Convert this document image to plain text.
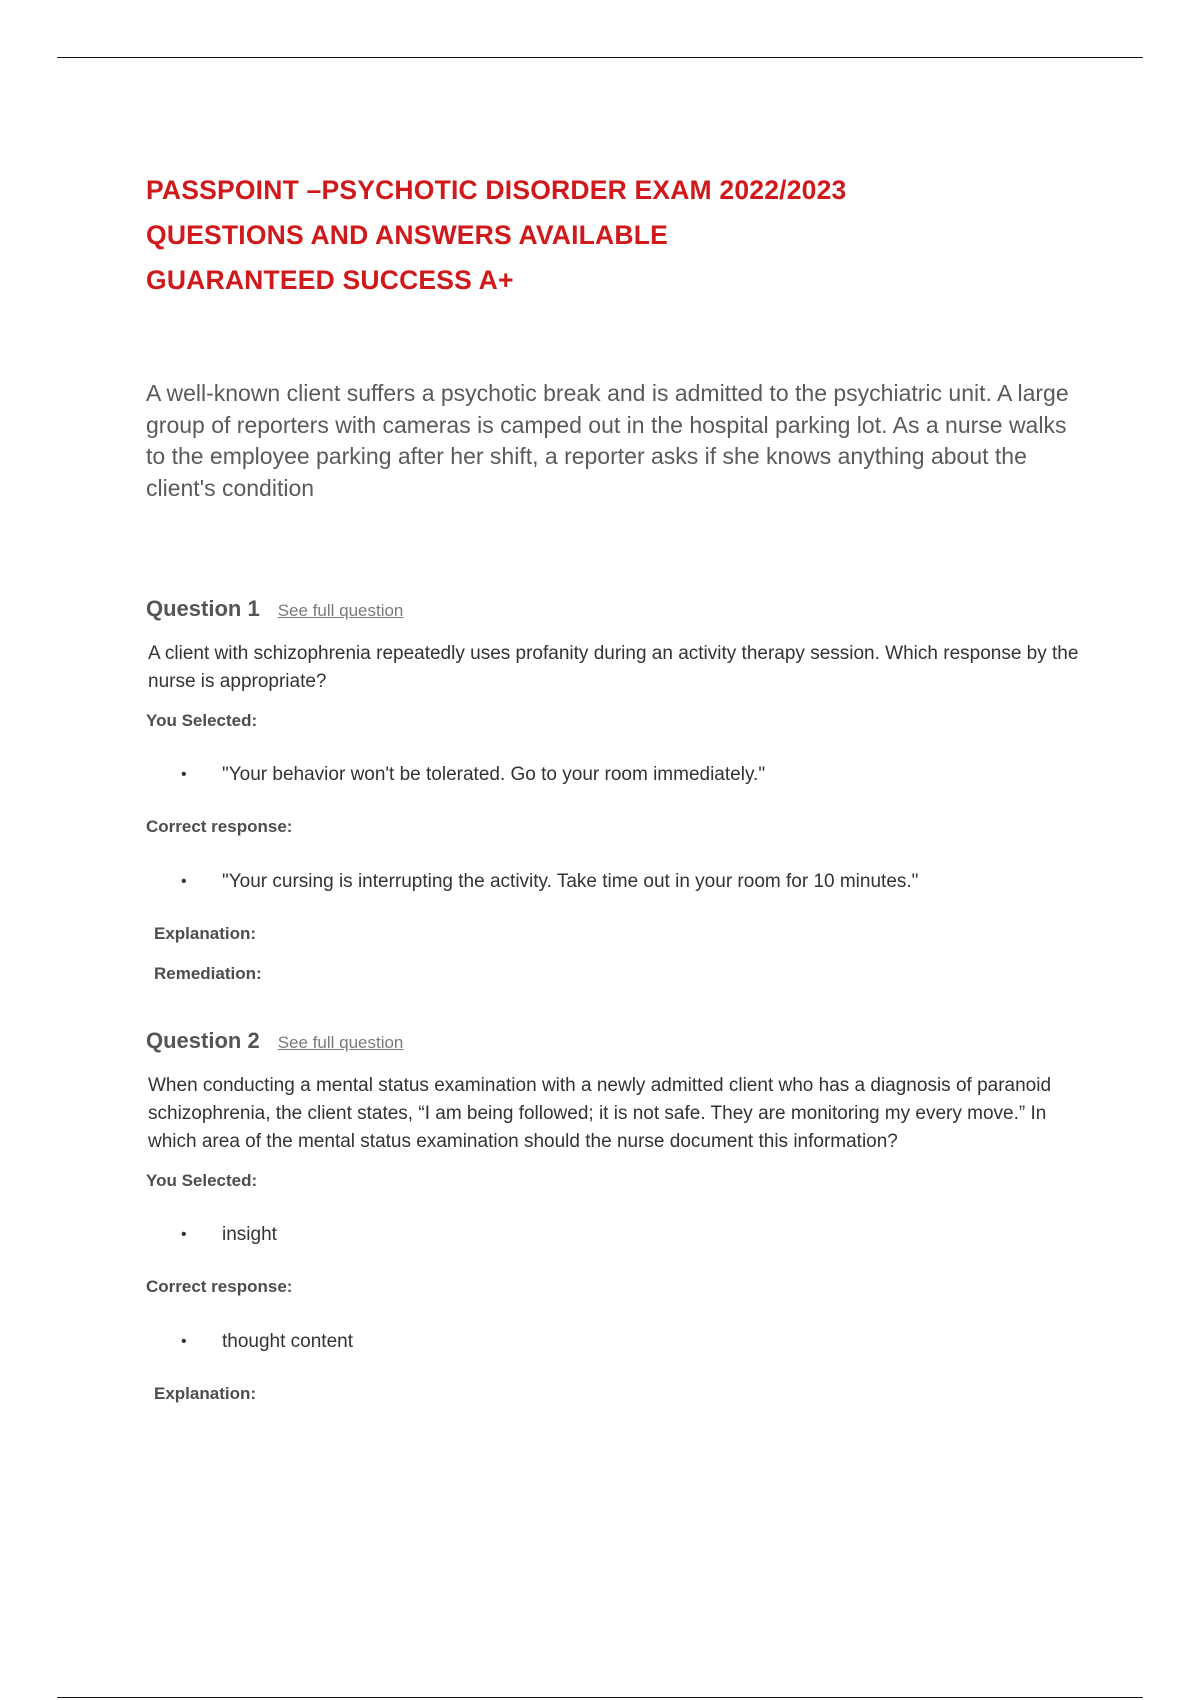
PASSPOINT –PSYCHOTIC DISORDER EXAM 2022/2023
QUESTIONS AND ANSWERS AVAILABLE
GUARANTEED SUCCESS A+

A well-known client suffers a psychotic break and is admitted to the psychiatric unit. A large group of reporters with cameras is camped out in the hospital parking lot. As a nurse walks to the employee parking after her shift, a reporter asks if she knows anything about the client's condition

Question 1 See full question

A client with schizophrenia repeatedly uses profanity during an activity therapy session. Which response by the nurse is appropriate?

You Selected:
• "Your behavior won't be tolerated. Go to your room immediately."
Correct response:
• "Your cursing is interrupting the activity. Take time out in your room for 10 minutes."
Explanation:
Remediation:
Question 2 See full question

When conducting a mental status examination with a newly admitted client who has a diagnosis of paranoid schizophrenia, the client states, “I am being followed; it is not safe. They are monitoring my every move.” In which area of the mental status examination should the nurse document this information?

You Selected:
• insight
Correct response:
• thought content
Explanation:
